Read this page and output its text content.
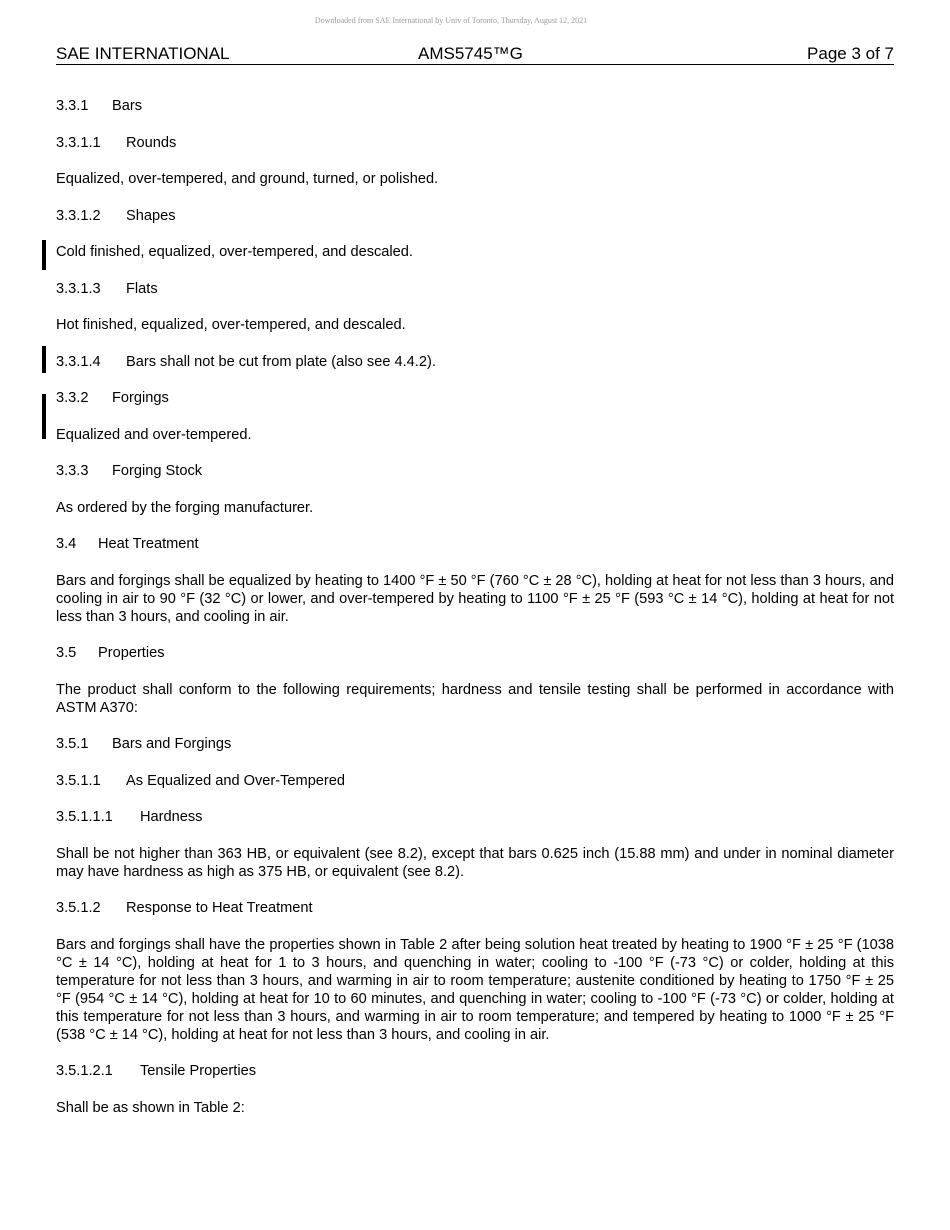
Downloaded from SAE International by Univ of Toronto, Thursday, August 12, 2021
SAE INTERNATIONAL	AMS5745™G	Page 3 of 7

3.3.1 Bars

3.3.1.1 Rounds

Equalized, over-tempered, and ground, turned, or polished.

3.3.1.2 Shapes

Cold finished, equalized, over-tempered, and descaled.

3.3.1.3 Flats

Hot finished, equalized, over-tempered, and descaled.

3.3.1.4 Bars shall not be cut from plate (also see 4.4.2).

3.3.2 Forgings

Equalized and over-tempered.

3.3.3 Forging Stock

As ordered by the forging manufacturer.

3.4 Heat Treatment

Bars and forgings shall be equalized by heating to 1400 °F ± 50 °F (760 °C ± 28 °C), holding at heat for not less than 3 hours, and cooling in air to 90 °F (32 °C) or lower, and over-tempered by heating to 1100 °F ± 25 °F (593 °C ± 14 °C), holding at heat for not less than 3 hours, and cooling in air.

3.5 Properties

The product shall conform to the following requirements; hardness and tensile testing shall be performed in accordance with ASTM A370:

3.5.1 Bars and Forgings

3.5.1.1 As Equalized and Over-Tempered

3.5.1.1.1 Hardness

Shall be not higher than 363 HB, or equivalent (see 8.2), except that bars 0.625 inch (15.88 mm) and under in nominal diameter may have hardness as high as 375 HB, or equivalent (see 8.2).

3.5.1.2 Response to Heat Treatment

Bars and forgings shall have the properties shown in Table 2 after being solution heat treated by heating to 1900 °F ± 25 °F (1038 °C ± 14 °C), holding at heat for 1 to 3 hours, and quenching in water; cooling to -100 °F (-73 °C) or colder, holding at this temperature for not less than 3 hours, and warming in air to room temperature; austenite conditioned by heating to 1750 °F ± 25 °F (954 °C ± 14 °C), holding at heat for 10 to 60 minutes, and quenching in water; cooling to -100 °F (-73 °C) or colder, holding at this temperature for not less than 3 hours, and warming in air to room temperature; and tempered by heating to 1000 °F ± 25 °F (538 °C ± 14 °C), holding at heat for not less than 3 hours, and cooling in air.

3.5.1.2.1 Tensile Properties

Shall be as shown in Table 2:
